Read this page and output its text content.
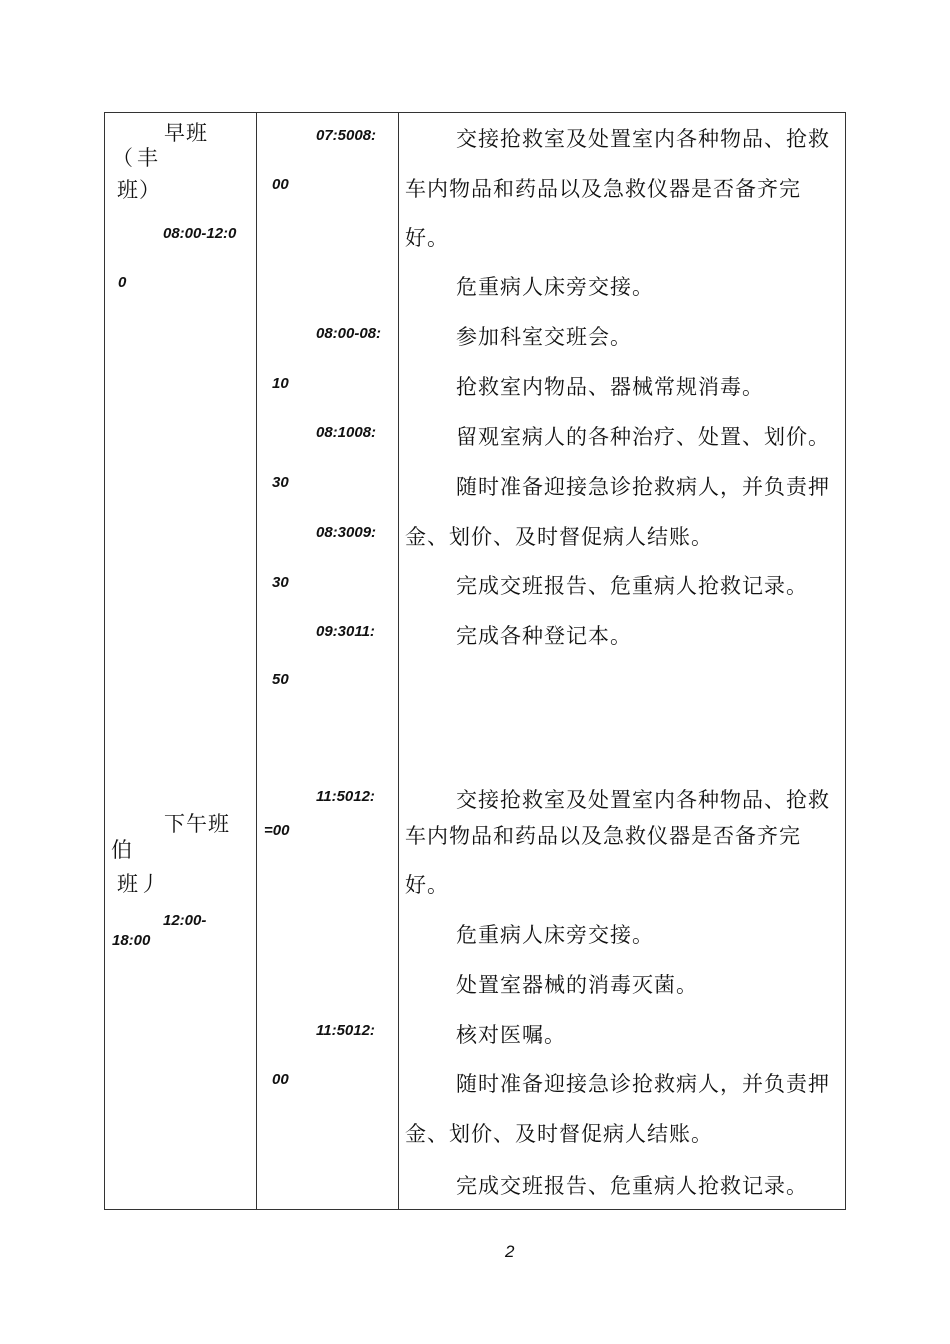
早班
（丰
班）
08:00-12:0
0
07:5008:
00
08:00-08:
10
08:1008:
30
08:3009:
30
09:3011:
50
交接抢救室及处置室内各种物品、抢救
车内物品和药品以及急救仪器是否备齐完
好。
危重病人床旁交接。
参加科室交班会。
抢救室内物品、器械常规消毒。
留观室病人的各种治疗、处置、划价。
随时准备迎接急诊抢救病人，并负责押
金、划价、及时督促病人结账。
完成交班报告、危重病人抢救记录。
完成各种登记本。
下午班
伯
班丿
12:00-
18:00
11:5012:
=00
11:5012:
00
交接抢救室及处置室内各种物品、抢救
车内物品和药品以及急救仪器是否备齐完
好。
危重病人床旁交接。
处置室器械的消毒灭菌。
核对医嘱。
随时准备迎接急诊抢救病人，并负责押
金、划价、及时督促病人结账。
完成交班报告、危重病人抢救记录。
2
